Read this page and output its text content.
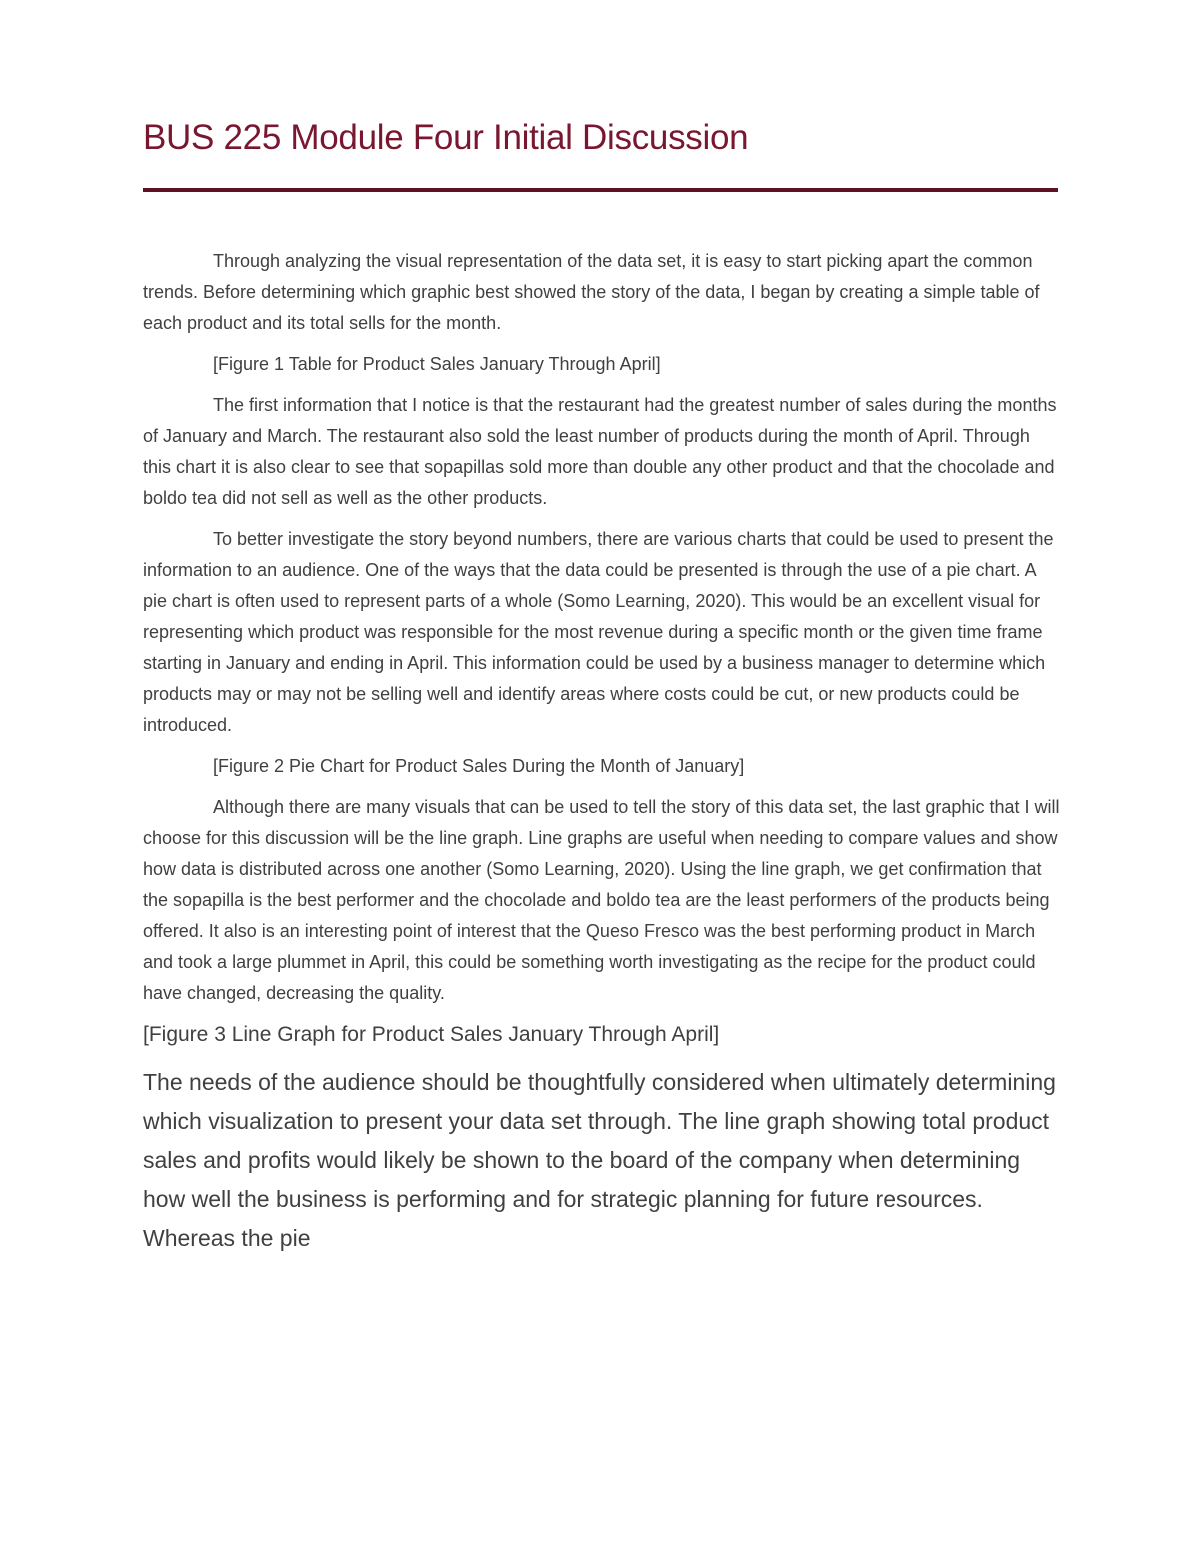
BUS 225 Module Four Initial Discussion

Through analyzing the visual representation of the data set, it is easy to start picking apart the common trends. Before determining which graphic best showed the story of the data, I began by creating a simple table of each product and its total sells for the month.

[Figure 1 Table for Product Sales January Through April]

The first information that I notice is that the restaurant had the greatest number of sales during the months of January and March. The restaurant also sold the least number of products during the month of April. Through this chart it is also clear to see that sopapillas sold more than double any other product and that the chocolade and boldo tea did not sell as well as the other products.

To better investigate the story beyond numbers, there are various charts that could be used to present the information to an audience. One of the ways that the data could be presented is through the use of a pie chart. A pie chart is often used to represent parts of a whole (Somo Learning, 2020). This would be an excellent visual for representing which product was responsible for the most revenue during a specific month or the given time frame starting in January and ending in April. This information could be used by a business manager to determine which products may or may not be selling well and identify areas where costs could be cut, or new products could be introduced.

[Figure 2 Pie Chart for Product Sales During the Month of January]

Although there are many visuals that can be used to tell the story of this data set, the last graphic that I will choose for this discussion will be the line graph. Line graphs are useful when needing to compare values and show how data is distributed across one another (Somo Learning, 2020). Using the line graph, we get confirmation that the sopapilla is the best performer and the chocolade and boldo tea are the least performers of the products being offered. It also is an interesting point of interest that the Queso Fresco was the best performing product in March and took a large plummet in April, this could be something worth investigating as the recipe for the product could have changed, decreasing the quality.

[Figure 3 Line Graph for Product Sales January Through April]

The needs of the audience should be thoughtfully considered when ultimately determining which visualization to present your data set through. The line graph showing total product sales and profits would likely be shown to the board of the company when determining how well the business is performing and for strategic planning for future resources. Whereas the pie
